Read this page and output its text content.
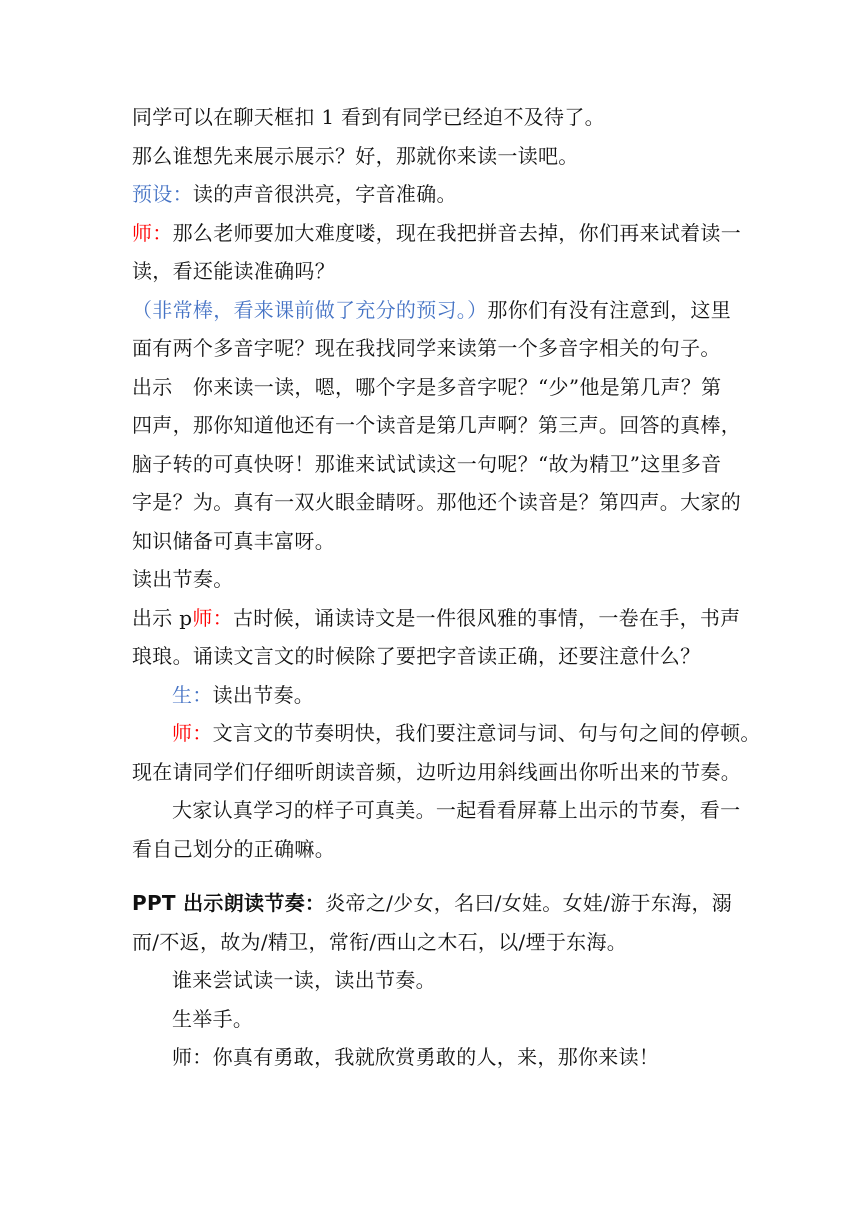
同学可以在聊天框扣 1 看到有同学已经迫不及待了。
那么谁想先来展示展示？好，那就你来读一读吧。
预设：读的声音很洪亮，字音准确。
师：那么老师要加大难度喽，现在我把拼音去掉，你们再来试着读一
读，看还能读准确吗？
（非常棒，看来课前做了充分的预习。）那你们有没有注意到，这里
面有两个多音字呢？现在我找同学来读第一个多音字相关的句子。
出示　你来读一读，嗯，哪个字是多音字呢？“少”他是第几声？第
四声，那你知道他还有一个读音是第几声啊？第三声。回答的真棒，
脑子转的可真快呀！那谁来试试读这一句呢？“故为精卫”这里多音
字是？为。真有一双火眼金睛呀。那他还个读音是？第四声。大家的
知识储备可真丰富呀。
读出节奏。
出示 p师：古时候，诵读诗文是一件很风雅的事情，一卷在手，书声
琅琅。诵读文言文的时候除了要把字音读正确，还要注意什么？
生：读出节奏。
师：文言文的节奏明快，我们要注意词与词、句与句之间的停顿。
现在请同学们仔细听朗读音频，边听边用斜线画出你听出来的节奏。
大家认真学习的样子可真美。一起看看屏幕上出示的节奏，看一
看自己划分的正确嘛。
PPT 出示朗读节奏：炎帝之/少女，名曰/女娃。女娃/游于东海，溺
而/不返，故为/精卫，常衔/西山之木石，以/堙于东海。
谁来尝试读一读，读出节奏。
生举手。
师：你真有勇敢，我就欣赏勇敢的人，来，那你来读！
